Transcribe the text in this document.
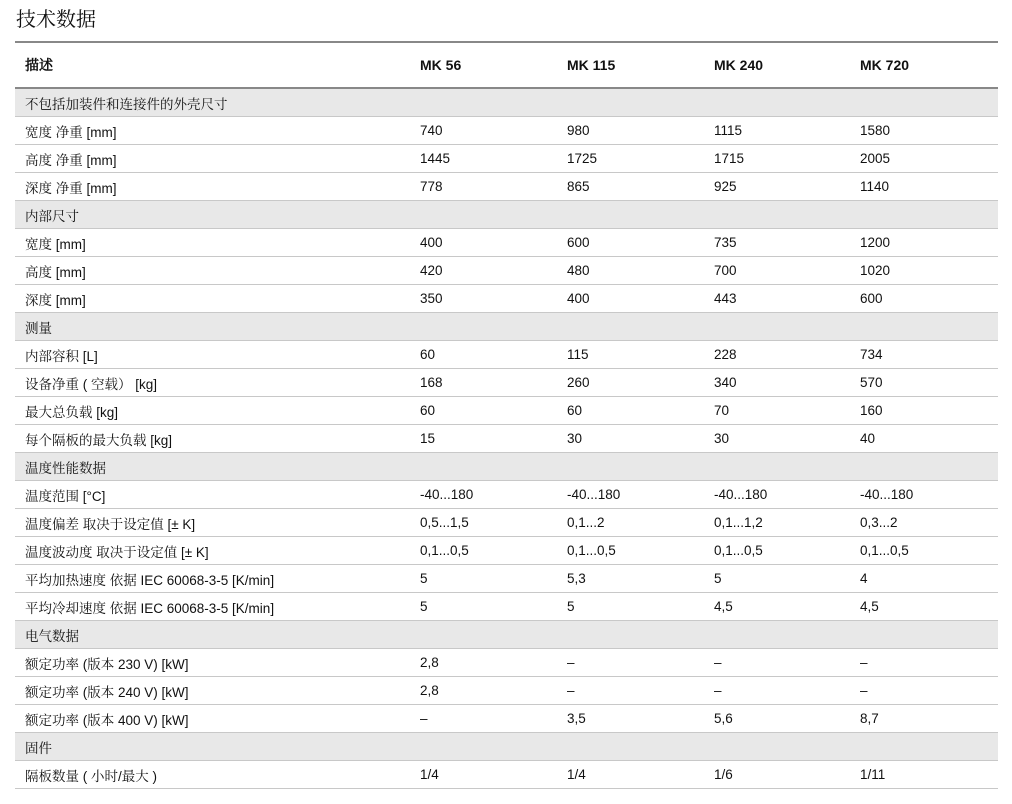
技术数据
描述	MK 56	MK 115	MK 240	MK 720
不包括加装件和连接件的外壳尺寸				
宽度 净重 [mm]	740	980	1115	1580
高度 净重 [mm]	1445	1725	1715	2005
深度 净重 [mm]	778	865	925	1140
内部尺寸				
宽度 [mm]	400	600	735	1200
高度 [mm]	420	480	700	1020
深度 [mm]	350	400	443	600
测量				
内部容积 [L]	60	115	228	734
设备净重 ( 空载） [kg]	168	260	340	570
最大总负载 [kg]	60	60	70	160
每个隔板的最大负载 [kg]	15	30	30	40
温度性能数据				
温度范围 [°C]	-40...180	-40...180	-40...180	-40...180
温度偏差 取决于设定值 [± K]	0,5...1,5	0,1...2	0,1...1,2	0,3...2
温度波动度 取决于设定值 [± K]	0,1...0,5	0,1...0,5	0,1...0,5	0,1...0,5
平均加热速度 依据 IEC 60068-3-5 [K/min]	5	5,3	5	4
平均冷却速度 依据 IEC 60068-3-5 [K/min]	5	5	4,5	4,5
电气数据				
额定功率 (版本 230 V) [kW]	2,8	–	–	–
额定功率 (版本 240 V) [kW]	2,8	–	–	–
额定功率 (版本 400 V) [kW]	–	3,5	5,6	8,7
固件				
隔板数量 ( 小时/最大 )	1/4	1/4	1/6	1/11
